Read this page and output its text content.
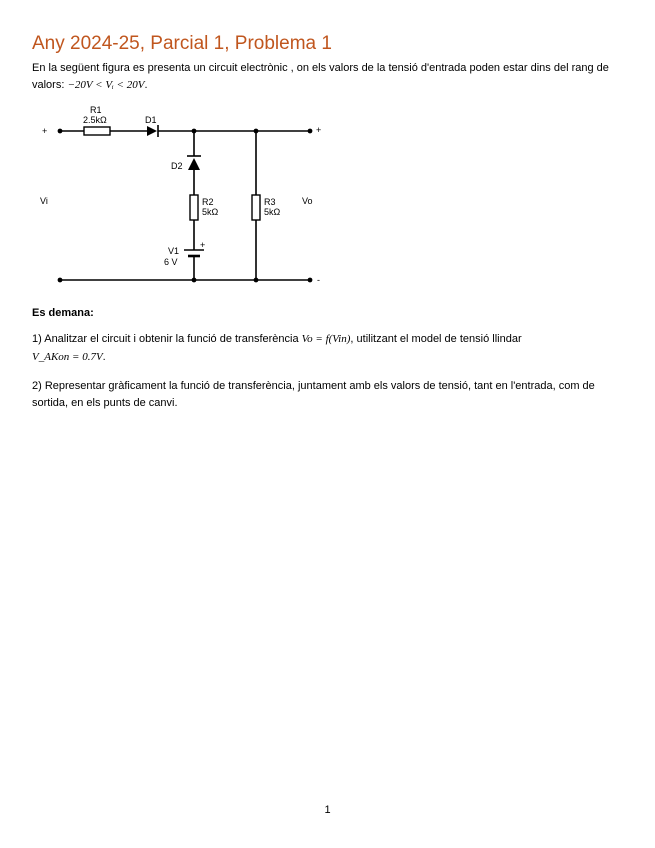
Any 2024-25, Parcial 1, Problema 1

En la següent figura es presenta un circuit electrònic , on els valors de la tensió d'entrada poden estar dins del rang de valors: −20V < Vᵢ < 20V.

+	+
-
R1
2.5kΩ	D1
D2
R2
5kΩ
R3
5kΩ
+
V1
6 V
Vi	Vo

Es demana:

1) Analitzar el circuit i obtenir la funció de transferència Vo = f(Vin), utilitzant el model de tensió llindar
V_AKon = 0.7V.

2) Representar gràficament la funció de transferència, juntament amb els valors de tensió, tant en l'entrada, com de sortida, en els punts de canvi.

1
